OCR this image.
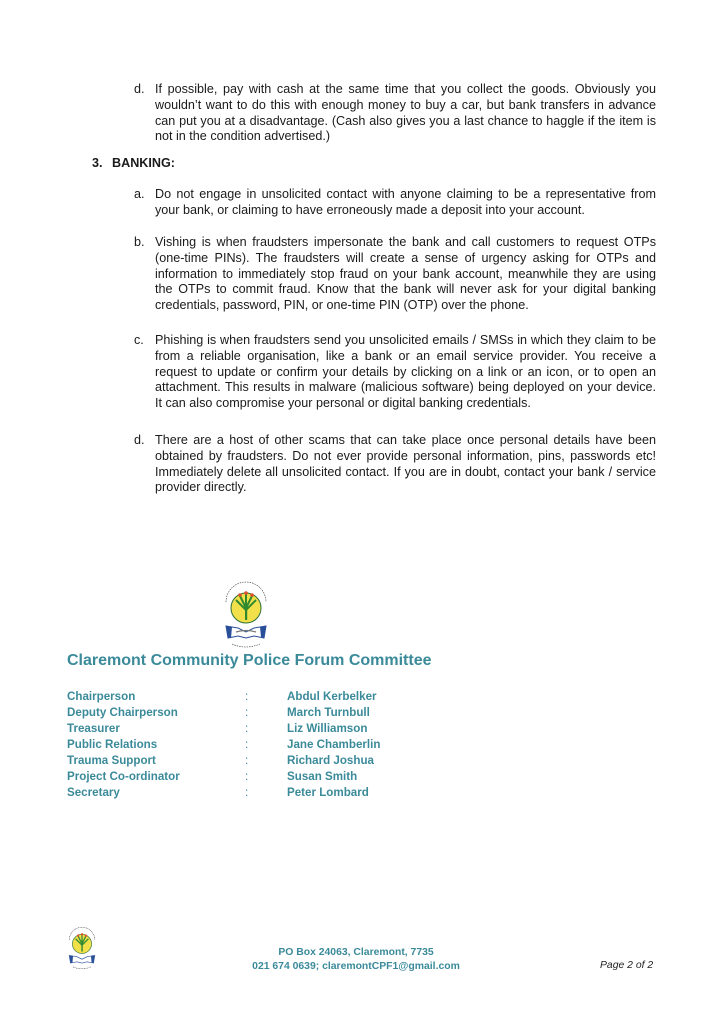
d. If possible, pay with cash at the same time that you collect the goods. Obviously you wouldn’t want to do this with enough money to buy a car, but bank transfers in advance can put you at a disadvantage. (Cash also gives you a last chance to haggle if the item is not in the condition advertised.)
3. BANKING:
a. Do not engage in unsolicited contact with anyone claiming to be a representative from your bank, or claiming to have erroneously made a deposit into your account.
b. Vishing is when fraudsters impersonate the bank and call customers to request OTPs (one-time PINs). The fraudsters will create a sense of urgency asking for OTPs and information to immediately stop fraud on your bank account, meanwhile they are using the OTPs to commit fraud. Know that the bank will never ask for your digital banking credentials, password, PIN, or one-time PIN (OTP) over the phone.
c. Phishing is when fraudsters send you unsolicited emails / SMSs in which they claim to be from a reliable organisation, like a bank or an email service provider. You receive a request to update or confirm your details by clicking on a link or an icon, or to open an attachment. This results in malware (malicious software) being deployed on your device. It can also compromise your personal or digital banking credentials.
d. There are a host of other scams that can take place once personal details have been obtained by fraudsters. Do not ever provide personal information, pins, passwords etc! Immediately delete all unsolicited contact. If you are in doubt, contact your bank / service provider directly.
Claremont Community Police Forum Committee
Chairperson	:	Abdul Kerbelker
Deputy Chairperson	:	March Turnbull
Treasurer	:	Liz Williamson
Public Relations	:	Jane Chamberlin
Trauma Support	:	Richard Joshua
Project Co-ordinator	:	Susan Smith
Secretary	:	Peter Lombard
PO Box 24063, Claremont, 7735
021 674 0639; claremontCPF1@gmail.com	Page 2 of 2
